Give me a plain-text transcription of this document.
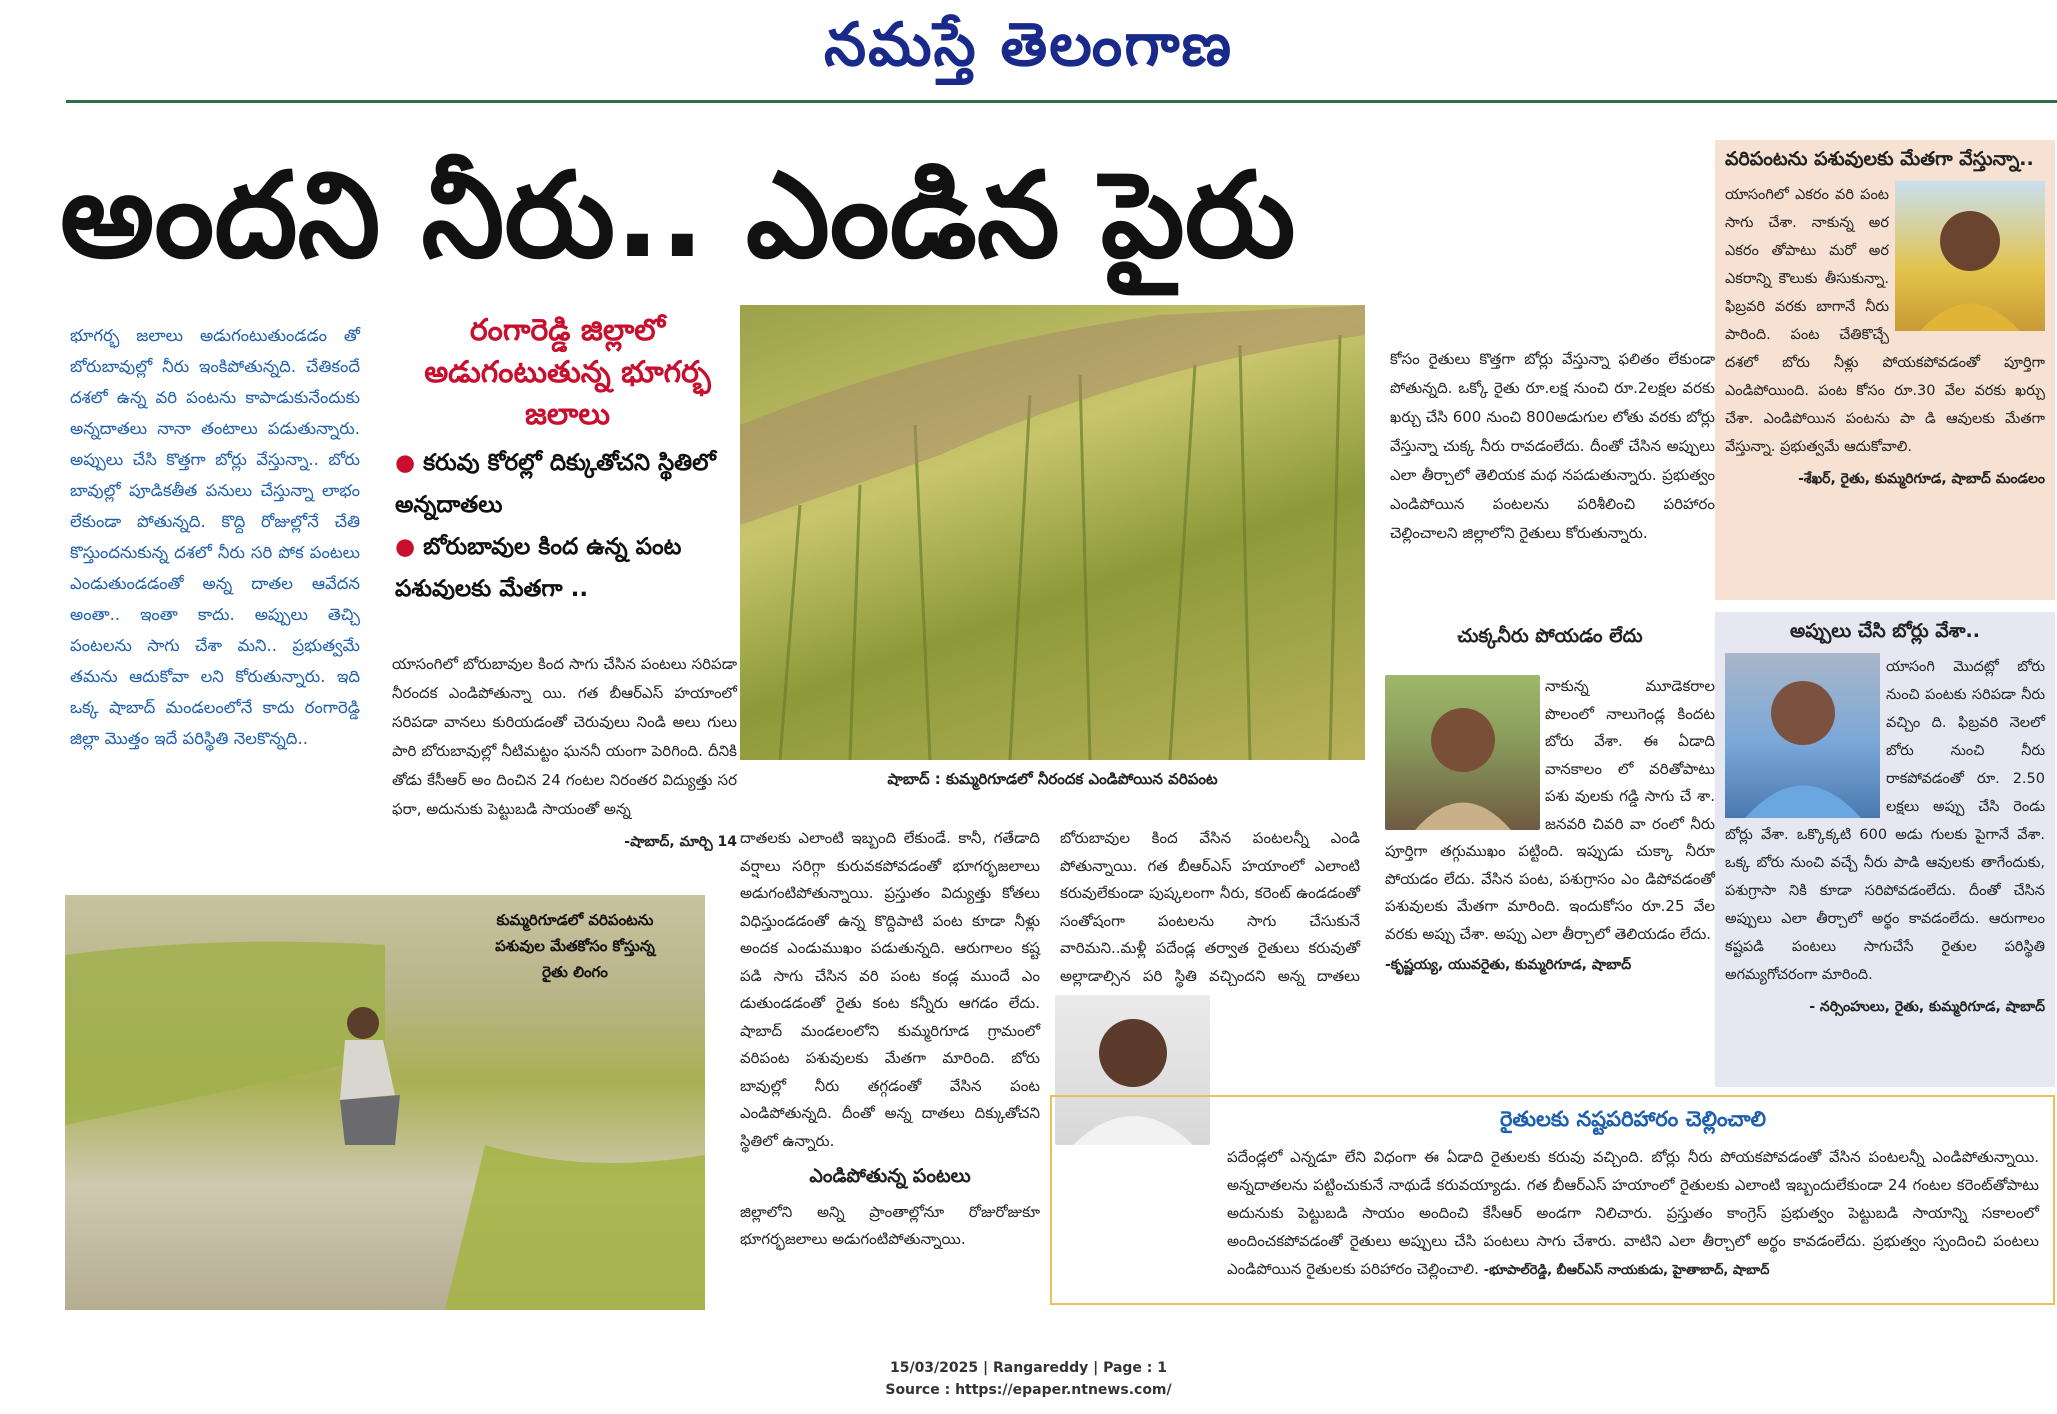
నమస్తే తెలంగాణ
అందని నీరు.. ఎండిన పైరు
భూగర్భ జలాలు అడుగంటుతుండడం తో బోరుబావుల్లో నీరు ఇంకిపోతున్నది. చేతికందే దశలో ఉన్న వరి పంటను కాపాడుకునేందుకు అన్నదాతలు నానా తంటాలు పడుతున్నారు. అప్పులు చేసి కొత్తగా బోర్లు వేస్తున్నా.. బోరు బావుల్లో పూడికతీత పనులు చేస్తున్నా లాభం లేకుండా పోతున్నది. కొద్ది రోజుల్లోనే చేతి కొస్తుందనుకున్న దశలో నీరు సరి పోక పంటలు ఎండుతుండడంతో అన్న దాతల ఆవేదన అంతా.. ఇంతా కాదు. అప్పులు తెచ్చి పంటలను సాగు చేశా మని.. ప్రభుత్వమే తమను ఆదుకోవా లని కోరుతున్నారు. ఇది ఒక్క షాబాద్ మండలంలోనే కాదు రంగారెడ్డి జిల్లా మొత్తం ఇదే పరిస్థితి నెలకొన్నది..
రంగారెడ్డి జిల్లాలో అడుగంటుతున్న భూగర్భ జలాలు
● కరువు కోరల్లో దిక్కుతోచని స్థితిలో అన్నదాతలు
● బోరుబావుల కింద ఉన్న పంట పశువులకు మేతగా ..
యాసంగిలో బోరుబావుల కింద సాగు చేసిన పంటలు సరిపడా నీరందక ఎండిపోతున్నా యి. గత బీఆర్‌ఎస్ హయాంలో సరిపడా వానలు కురియడంతో చెరువులు నిండి అలు గులు పారి బోరుబావుల్లో నీటిమట్టం ఘననీ యంగా పెరిగింది. దీనికి తోడు కేసీఆర్ అం దించిన 24 గంటల నిరంతర విద్యుత్తు సర ఫరా, అదునుకు పెట్టుబడి సాయంతో అన్న
-షాబాద్, మార్చి 14
షాబాద్ : కుమ్మరిగూడలో నీరందక ఎండిపోయిన వరిపంట
కుమ్మరిగూడలో వరిపంటను పశువుల మేతకోసం కోస్తున్న రైతు లింగం
దాతలకు ఎలాంటి ఇబ్బంది లేకుండే. కానీ, గతేడాది వర్షాలు సరిగ్గా కురువకపోవడంతో భూగర్భజలాలు అడుగంటిపోతున్నాయి. ప్రస్తుతం విద్యుత్తు కోతలు విధిస్తుండడంతో ఉన్న కొద్దిపాటి పంట కూడా నీళ్లు అందక ఎండుముఖం పడుతున్నది. ఆరుగాలం కష్ట పడి సాగు చేసిన వరి పంట కండ్ల ముందే ఎం డుతుండడంతో రైతు కంట కన్నీరు ఆగడం లేదు. షాబాద్ మండలంలోని కుమ్మరిగూడ గ్రామంలో వరిపంట పశువులకు మేతగా మారింది. బోరు బావుల్లో నీరు తగ్గడంతో వేసిన పంట ఎండిపోతున్నది. దీంతో అన్న దాతలు దిక్కుతోచని స్థితిలో ఉన్నారు.
ఎండిపోతున్న పంటలు
జిల్లాలోని అన్ని ప్రాంతాల్లోనూ రోజురోజుకూ భూగర్భజలాలు అడుగంటిపోతున్నాయి.
బోరుబావుల కింద వేసిన పంటలన్నీ ఎండి పోతున్నాయి. గత బీఆర్‌ఎస్ హయాంలో ఎలాంటి కరువులేకుండా పుష్కలంగా నీరు, కరెంట్ ఉండడంతో సంతోషంగా పంటలను సాగు చేసుకునే వారిమని..మళ్లీ పదేండ్ల తర్వాత రైతులు కరువుతో అల్లాడాల్సిన పరి స్థితి వచ్చిందని అన్న దాతలు
కోసం రైతులు కొత్తగా బోర్లు వేస్తున్నా ఫలితం లేకుండా పోతున్నది. ఒక్కో రైతు రూ.లక్ష నుంచి రూ.2లక్షల వరకు ఖర్చు చేసి 600 నుంచి 800అడుగుల లోతు వరకు బోర్లు వేస్తున్నా చుక్క నీరు రావడంలేదు. దీంతో చేసిన అప్పులు ఎలా తీర్చాలో తెలియక మథ నపడుతున్నారు. ప్రభుత్వం ఎండిపోయిన పంటలను పరిశీలించి పరిహారం చెల్లించాలని జిల్లాలోని రైతులు కోరుతున్నారు.
చుక్కనీరు పోయడం లేదు
నాకున్న మూడెకరాల పొలంలో నాలుగెండ్ల కిందట బోరు వేశా. ఈ ఏడాది వానకాలం లో వరితోపాటు పశు వులకు గడ్డి సాగు చే శా. జనవరి చివరి వా రంలో నీరు పూర్తిగా తగ్గుముఖం పట్టింది. ఇప్పుడు చుక్కా నీరూ పోయడం లేదు. వేసిన పంట, పశుగ్రాసం ఎం డిపోవడంతో పశువులకు మేతగా మారింది. ఇందుకోసం రూ.25 వేల వరకు అప్పు చేశా. అప్పు ఎలా తీర్చాలో తెలియడం లేదు.
-కృష్ణయ్య, యువరైతు, కుమ్మరిగూడ, షాబాద్
వరిపంటను పశువులకు మేతగా వేస్తున్నా..
యాసంగిలో ఎకరం వరి పంట సాగు చేశా. నాకున్న అర ఎకరం తోపాటు మరో అర ఎకరాన్ని కౌలుకు తీసుకున్నా. ఫిబ్రవరి వరకు బాగానే నీరు పారింది. పంట చేతికొచ్చే దశలో బోరు నీళ్లు పోయకపోవడంతో పూర్తిగా ఎండిపోయింది. పంట కోసం రూ.30 వేల వరకు ఖర్చు చేశా. ఎండిపోయిన పంటను పా డి ఆవులకు మేతగా వేస్తున్నా. ప్రభుత్వమే ఆదుకోవాలి.
-శేఖర్, రైతు, కుమ్మరిగూడ, షాబాద్ మండలం
అప్పులు చేసి బోర్లు వేశా..
యాసంగి మొదట్లో బోరు నుంచి పంటకు సరిపడా నీరు వచ్చిం ది. ఫిబ్రవరి నెలలో బోరు నుంచి నీరు రాకపోవడంతో రూ. 2.50 లక్షలు అప్పు చేసి రెండు బోర్లు వేశా. ఒక్కొక్కటి 600 అడు గులకు పైగానే వేశా. ఒక్క బోరు నుంచి వచ్చే నీరు పాడి ఆవులకు తాగేందుకు, పశుగ్రాసా నికి కూడా సరిపోవడంలేదు. దీంతో చేసిన అప్పులు ఎలా తీర్చాలో అర్థం కావడంలేదు. ఆరుగాలం కష్టపడి పంటలు సాగుచేసే రైతుల పరిస్థితి అగమ్యగోచరంగా మారింది.
- నర్సింహులు, రైతు, కుమ్మరిగూడ, షాబాద్
రైతులకు నష్టపరిహారం చెల్లించాలి
పదేండ్లలో ఎన్నడూ లేని విధంగా ఈ ఏడాది రైతులకు కరువు వచ్చింది. బోర్లు నీరు పోయకపోవడంతో వేసిన పంటలన్నీ ఎండిపోతున్నాయి. అన్నదాతలను పట్టించుకునే నాథుడే కరువయ్యాడు. గత బీఆర్‌ఎస్ హయాంలో రైతులకు ఎలాంటి ఇబ్బందులేకుండా 24 గంటల కరెంట్‌తోపాటు అదునుకు పెట్టుబడి సాయం అందించి కేసీఆర్ అండగా నిలిచారు. ప్రస్తుతం కాంగ్రెస్ ప్రభుత్వం పెట్టుబడి సాయాన్ని సకాలంలో అందించకపోవడంతో రైతులు అప్పులు చేసి పంటలు సాగు చేశారు. వాటిని ఎలా తీర్చాలో అర్థం కావడంలేదు. ప్రభుత్వం స్పందించి పంటలు ఎండిపోయిన రైతులకు పరిహారం చెల్లించాలి. -భూపాల్‌రెడ్డి, బీఆర్‌ఎస్ నాయకుడు, హైతాబాద్, షాబాద్
15/03/2025 | Rangareddy | Page : 1
Source : https://epaper.ntnews.com/
